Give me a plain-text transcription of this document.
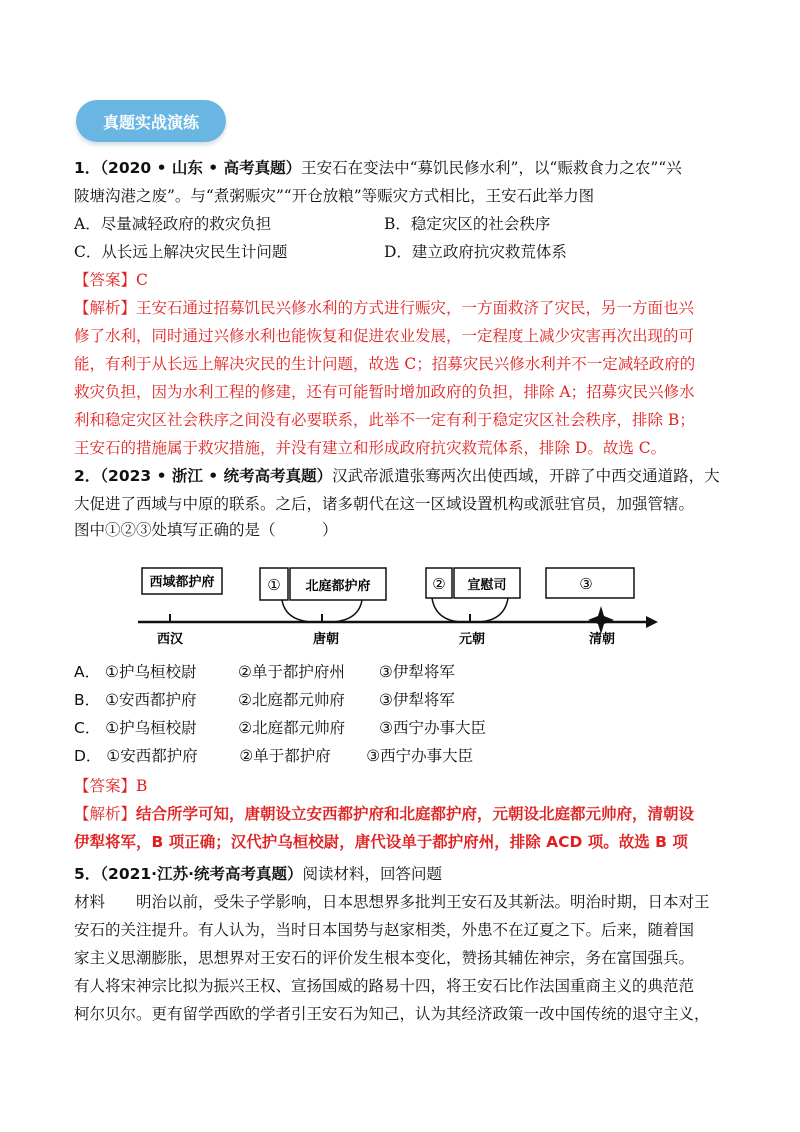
真题实战演练
1．（2020 • 山东 • 高考真题）王安石在变法中“募饥民修水利”，以“赈救食力之农”“兴
陂塘沟港之废”。与“煮粥赈灾”“开仓放粮”等赈灾方式相比，王安石此举力图
A．尽量减轻政府的救灾负担	B．稳定灾区的社会秩序
C．从长远上解决灾民生计问题	D．建立政府抗灾救荒体系
【答案】C
【解析】王安石通过招募饥民兴修水利的方式进行赈灾，一方面救济了灾民，另一方面也兴
修了水利，同时通过兴修水利也能恢复和促进农业发展，一定程度上减少灾害再次出现的可
能，有利于从长远上解决灾民的生计问题，故选 C；招募灾民兴修水利并不一定减轻政府的
救灾负担，因为水利工程的修建，还有可能暂时增加政府的负担，排除 A；招募灾民兴修水
利和稳定灾区社会秩序之间没有必要联系，此举不一定有利于稳定灾区社会秩序，排除 B；
王安石的措施属于救灾措施，并没有建立和形成政府抗灾救荒体系，排除 D。故选 C。
2．（2023 • 浙江 • 统考高考真题）汉武帝派遣张骞两次出使西域，开辟了中西交通道路，大
大促进了西域与中原的联系。之后，诸多朝代在这一区域设置机构或派驻官员，加强管辖。
图中①②③处填写正确的是（　　　）
西域都护府	① 北庭都护府	② 宣慰司	③
西汉	唐朝	元朝	清朝
A． ①护乌桓校尉	②单于都护府州 ③伊犁将军
B． ①安西都护府	②北庭都元帅府 ③伊犁将军
C． ①护乌桓校尉	②北庭都元帅府 ③西宁办事大臣
D． ①安西都护府	②单于都护府 ③西宁办事大臣
【答案】B
【解析】结合所学可知，唐朝设立安西都护府和北庭都护府，元朝设北庭都元帅府，清朝设
伊犁将军，B 项正确；汉代护乌桓校尉，唐代设单于都护府州，排除 ACD 项。故选 B 项
5．（2021·江苏·统考高考真题）阅读材料，回答问题
材料　　明治以前，受朱子学影响，日本思想界多批判王安石及其新法。明治时期，日本对王
安石的关注提升。有人认为，当时日本国势与赵家相类，外患不在辽夏之下。后来，随着国
家主义思潮膨胀，思想界对王安石的评价发生根本变化，赞扬其辅佐神宗，务在富国强兵。
有人将宋神宗比拟为振兴王权、宣扬国威的路易十四，将王安石比作法国重商主义的典范范
柯尔贝尔。更有留学西欧的学者引王安石为知己，认为其经济政策一改中国传统的退守主义，
